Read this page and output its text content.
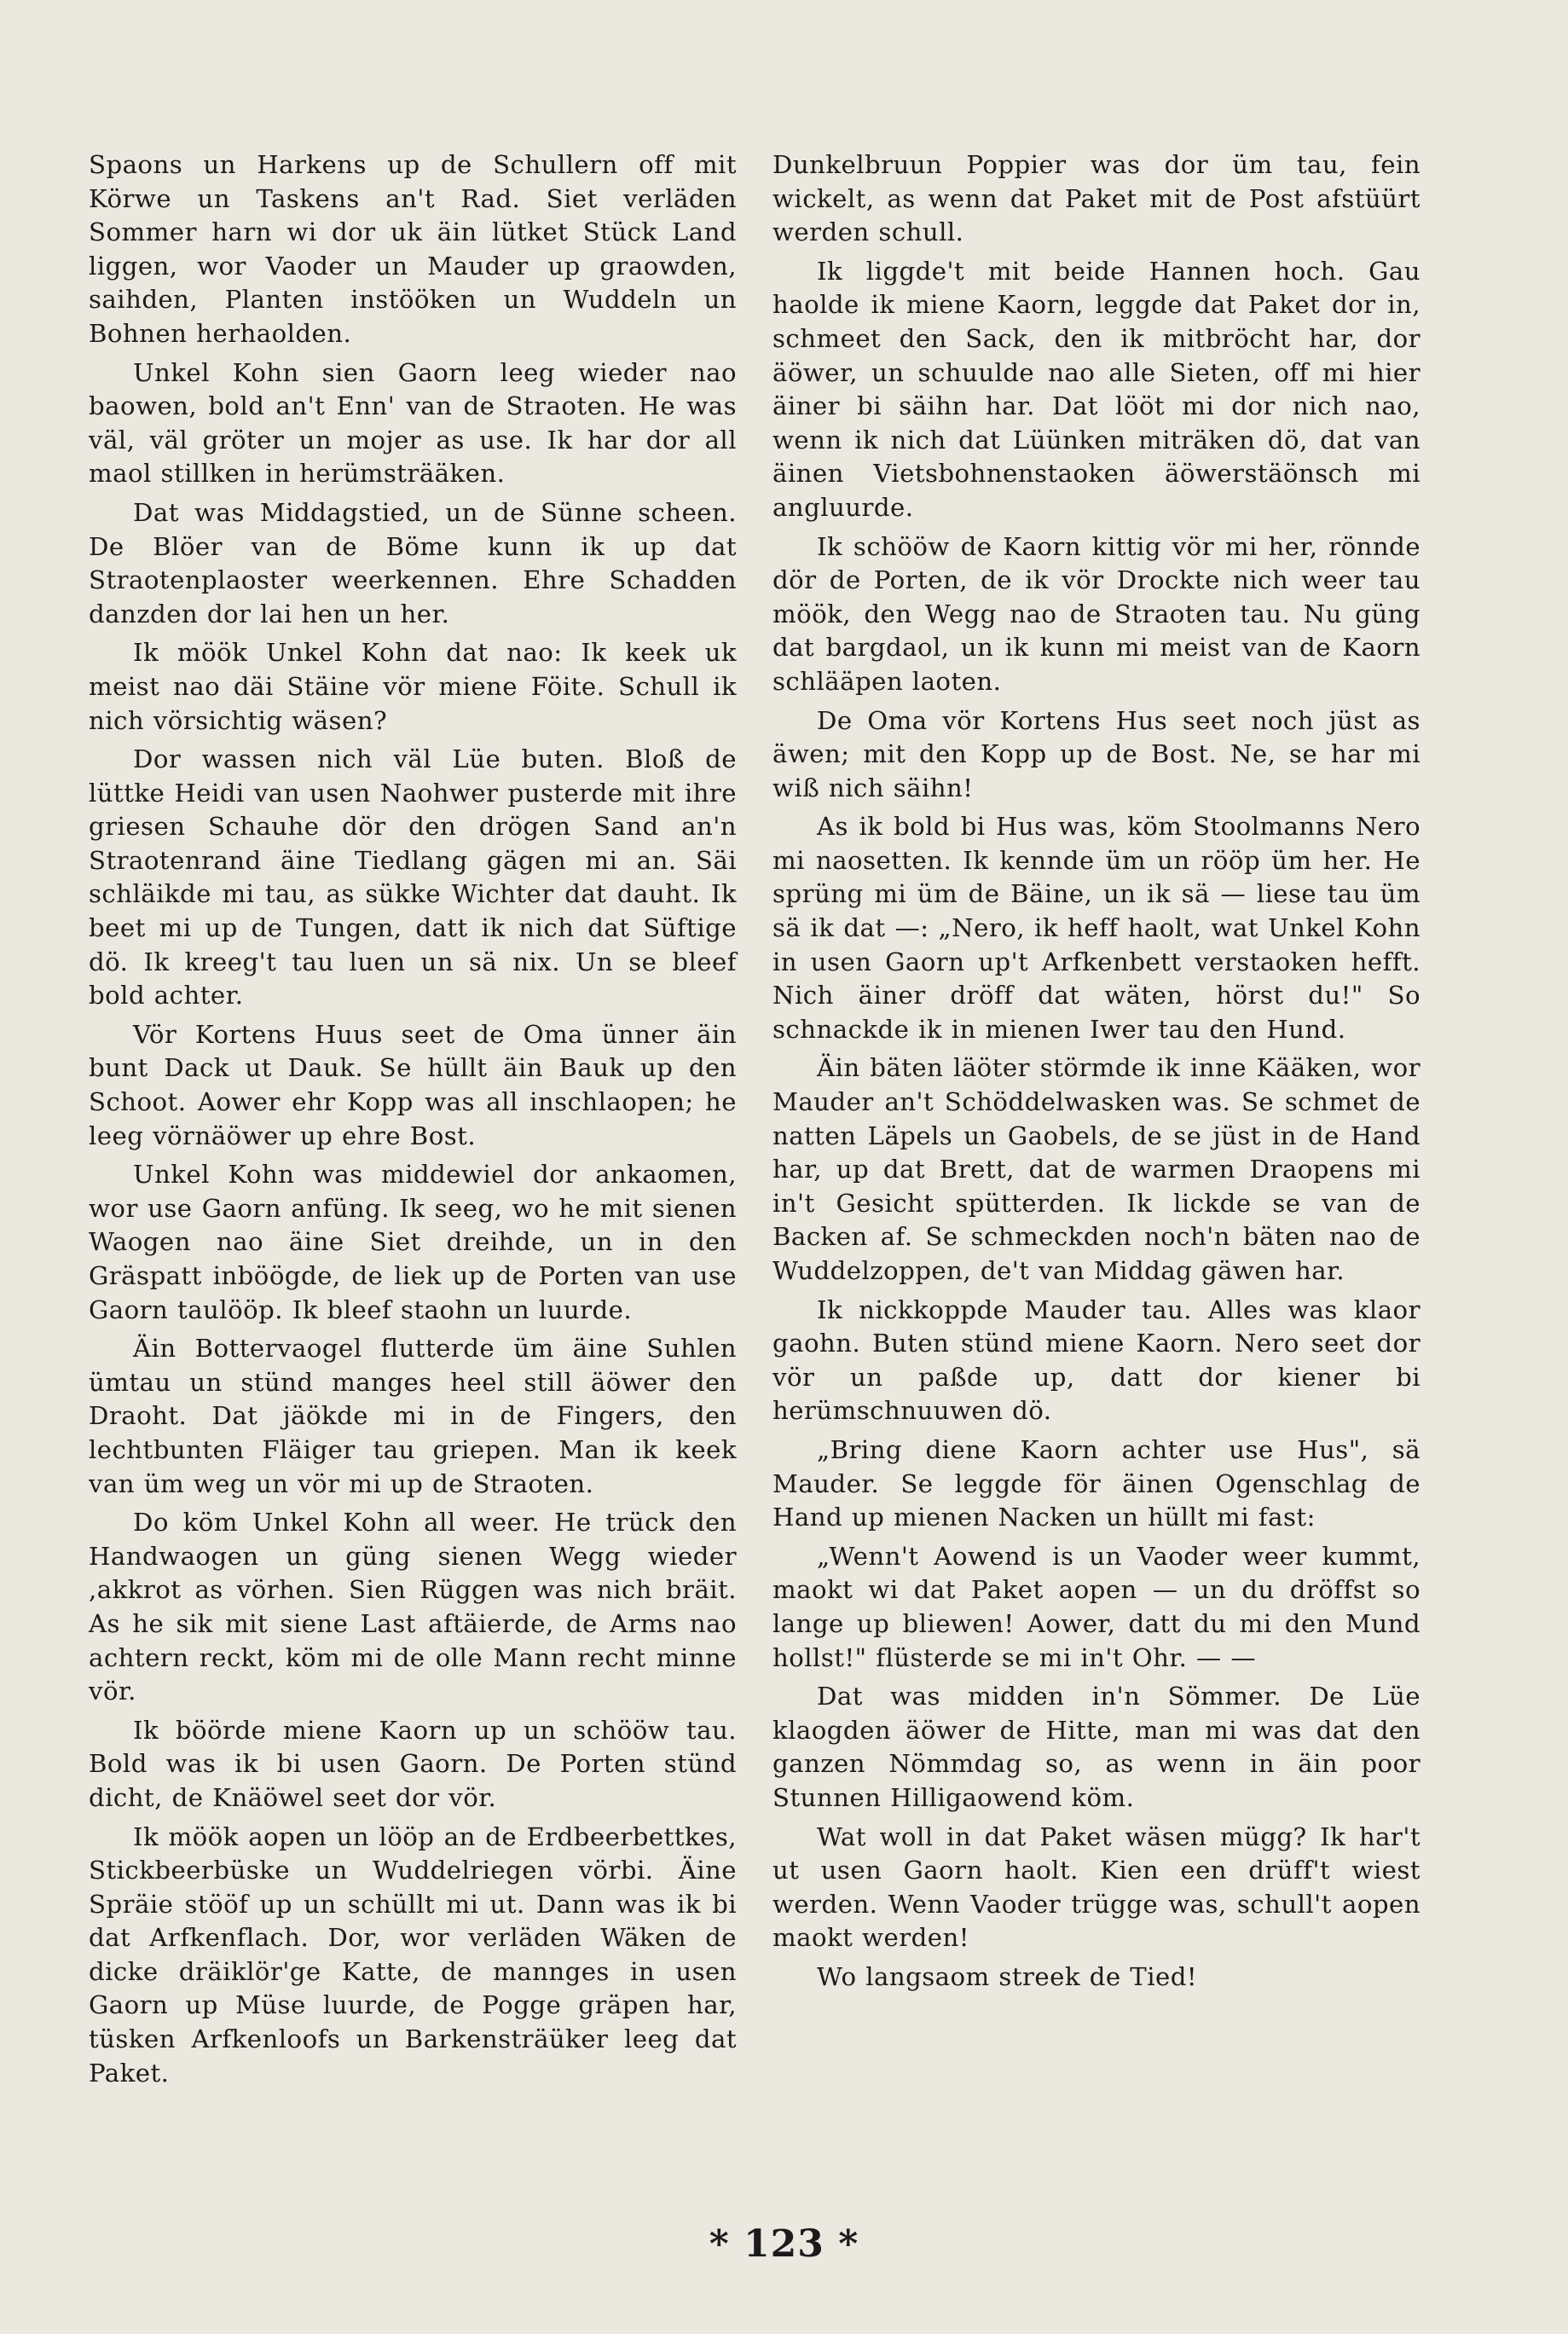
Spaons un Harkens up de Schullern off mit Körwe un Taskens an't Rad. Siet verläden Sommer harn wi dor uk äin lütket Stück Land liggen, wor Vaoder un Mauder up graowden, saihden, Planten instööken un Wuddeln un Bohnen herhaolden.

Unkel Kohn sien Gaorn leeg wieder nao baowen, bold an't Enn' van de Straoten. He was väl, väl gröter un mojer as use. Ik har dor all maol stillken in herümsträäken.

Dat was Middagstied, un de Sünne scheen. De Blöer van de Böme kunn ik up dat Straotenplaoster weerkennen. Ehre Schadden danzden dor lai hen un her.

Ik möök Unkel Kohn dat nao: Ik keek uk meist nao däi Stäine vör miene Föite. Schull ik nich vörsichtig wäsen?

Dor wassen nich väl Lüe buten. Bloß de lüttke Heidi van usen Naohwer pusterde mit ihre griesen Schauhe dör den drögen Sand an'n Straotenrand äine Tiedlang gägen mi an. Säi schläikde mi tau, as sükke Wichter dat dauht. Ik beet mi up de Tungen, datt ik nich dat Süftige dö. Ik kreeg't tau luen un sä nix. Un se bleef bold achter.

Vör Kortens Huus seet de Oma ünner äin bunt Dack ut Dauk. Se hüllt äin Bauk up den Schoot. Aower ehr Kopp was all inschlaopen; he leeg vörnäöwer up ehre Bost.

Unkel Kohn was middewiel dor ankaomen, wor use Gaorn anfüng. Ik seeg, wo he mit sienen Waogen nao äine Siet dreihde, un in den Gräspatt inböögde, de liek up de Porten van use Gaorn taulööp. Ik bleef staohn un luurde.

Äin Bottervaogel flutterde üm äine Suhlen ümtau un stünd manges heel still äöwer den Draoht. Dat jäökde mi in de Fingers, den lechtbunten Fläiger tau griepen. Man ik keek van üm weg un vör mi up de Straoten.

Do köm Unkel Kohn all weer. He trück den Handwaogen un güng sienen Wegg wieder ,akkrot as vörhen. Sien Rüggen was nich bräit. As he sik mit siene Last aftäierde, de Arms nao achtern reckt, köm mi de olle Mann recht minne vör.

Ik böörde miene Kaorn up un schööw tau. Bold was ik bi usen Gaorn. De Porten stünd dicht, de Knäöwel seet dor vör.

Ik möök aopen un lööp an de Erdbeerbettkes, Stickbeerbüske un Wuddelriegen vörbi. Äine Spräie stööf up un schüllt mi ut. Dann was ik bi dat Arfkenflach. Dor, wor verläden Wäken de dicke dräiklör'ge Katte, de mannges in usen Gaorn up Müse luurde, de Pogge gräpen har, tüsken Arfkenloofs un Barkensträüker leeg dat Paket.

Dunkelbruun Poppier was dor üm tau, fein wickelt, as wenn dat Paket mit de Post afstüürt werden schull.

Ik liggde't mit beide Hannen hoch. Gau haolde ik miene Kaorn, leggde dat Paket dor in, schmeet den Sack, den ik mitbröcht har, dor äöwer, un schuulde nao alle Sieten, off mi hier äiner bi säihn har. Dat lööt mi dor nich nao, wenn ik nich dat Lüünken miträken dö, dat van äinen Vietsbohnenstaoken äöwerstäönsch mi angluurde.

Ik schööw de Kaorn kittig vör mi her, rönnde dör de Porten, de ik vör Drockte nich weer tau möök, den Wegg nao de Straoten tau. Nu güng dat bargdaol, un ik kunn mi meist van de Kaorn schlääpen laoten.

De Oma vör Kortens Hus seet noch jüst as äwen; mit den Kopp up de Bost. Ne, se har mi wiß nich säihn!

As ik bold bi Hus was, köm Stoolmanns Nero mi naosetten. Ik kennde üm un rööp üm her. He sprüng mi üm de Bäine, un ik sä — liese tau üm sä ik dat —: „Nero, ik heff haolt, wat Unkel Kohn in usen Gaorn up't Arfkenbett verstaoken hefft. Nich äiner dröff dat wäten, hörst du!" So schnackde ik in mienen Iwer tau den Hund.

Äin bäten läöter störmde ik inne Kääken, wor Mauder an't Schöddelwasken was. Se schmet de natten Läpels un Gaobels, de se jüst in de Hand har, up dat Brett, dat de warmen Draopens mi in't Gesicht spütterden. Ik lickde se van de Backen af. Se schmeckden noch'n bäten nao de Wuddelzoppen, de't van Middag gäwen har.

Ik nickkoppde Mauder tau. Alles was klaor gaohn. Buten stünd miene Kaorn. Nero seet dor vör un paßde up, datt dor kiener bi herümschnuuwen dö.

„Bring diene Kaorn achter use Hus", sä Mauder. Se leggde för äinen Ogenschlag de Hand up mienen Nacken un hüllt mi fast:

„Wenn't Aowend is un Vaoder weer kummt, maokt wi dat Paket aopen — un du dröffst so lange up bliewen! Aower, datt du mi den Mund hollst!" flüsterde se mi in't Ohr. — —

Dat was midden in'n Sömmer. De Lüe klaogden äöwer de Hitte, man mi was dat den ganzen Nömmdag so, as wenn in äin poor Stunnen Hilligaowend köm.

Wat woll in dat Paket wäsen mügg? Ik har't ut usen Gaorn haolt. Kien een drüff't wiest werden. Wenn Vaoder trügge was, schull't aopen maokt werden!

Wo langsaom streek de Tied!

* 123 *
